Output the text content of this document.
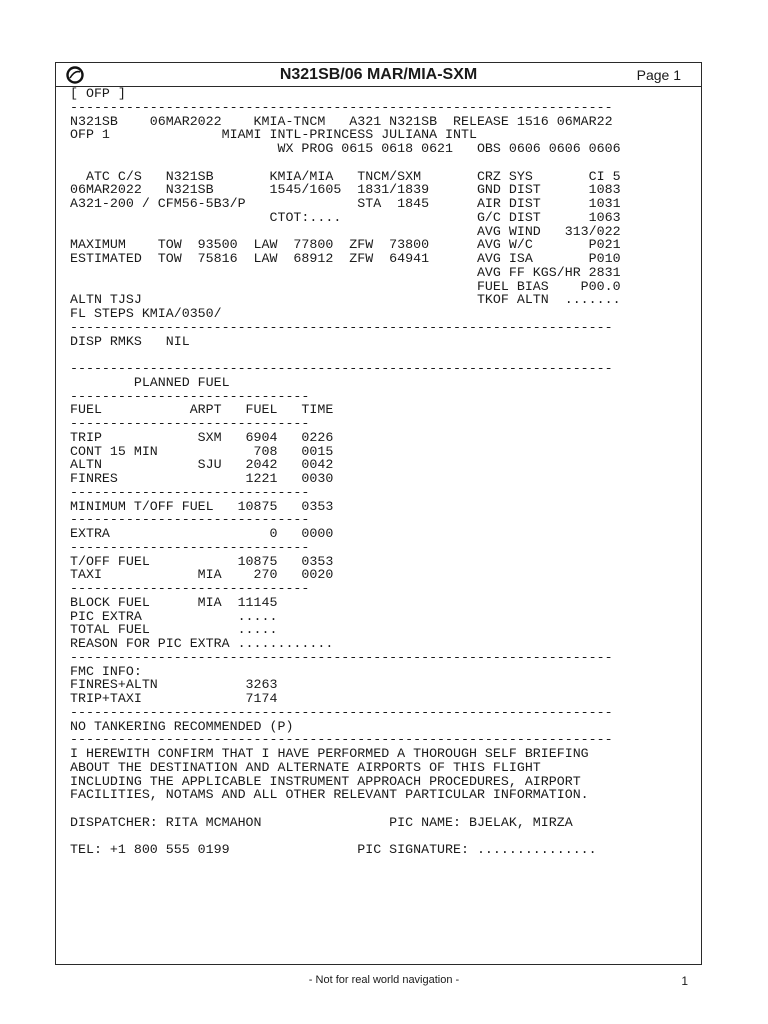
N321SB/06 MAR/MIA-SXM	Page 1
[ OFP ]
--------------------------------------------------------------------
N321SB    06MAR2022    KMIA-TNCM   A321 N321SB  RELEASE 1516 06MAR22
OFP 1              MIAMI INTL-PRINCESS JULIANA INTL
WX PROG 0615 0618 0621   OBS 0606 0606 0606

ATC C/S   N321SB       KMIA/MIA   TNCM/SXM       CRZ SYS       CI 5
06MAR2022   N321SB       1545/1605  1831/1839      GND DIST      1083
A321-200 / CFM56-5B3/P              STA  1845      AIR DIST      1031
CTOT:....                 G/C DIST      1063
AVG WIND   313/022
MAXIMUM    TOW  93500  LAW  77800  ZFW  73800      AVG W/C       P021
ESTIMATED  TOW  75816  LAW  68912  ZFW  64941      AVG ISA       P010
AVG FF KGS/HR 2831
FUEL BIAS    P00.0
ALTN TJSJ                                          TKOF ALTN  .......
FL STEPS KMIA/0350/
--------------------------------------------------------------------
DISP RMKS   NIL

--------------------------------------------------------------------
PLANNED FUEL
------------------------------
FUEL           ARPT   FUEL   TIME
------------------------------
TRIP            SXM   6904   0226
CONT 15 MIN            708   0015
ALTN            SJU   2042   0042
FINRES                1221   0030
------------------------------
MINIMUM T/OFF FUEL   10875   0353
------------------------------
EXTRA                    0   0000
------------------------------
T/OFF FUEL           10875   0353
TAXI            MIA    270   0020
------------------------------
BLOCK FUEL      MIA  11145
PIC EXTRA            .....
TOTAL FUEL           .....
REASON FOR PIC EXTRA ............
--------------------------------------------------------------------
FMC INFO:
FINRES+ALTN           3263
TRIP+TAXI             7174
--------------------------------------------------------------------
NO TANKERING RECOMMENDED (P)
--------------------------------------------------------------------
I HEREWITH CONFIRM THAT I HAVE PERFORMED A THOROUGH SELF BRIEFING
ABOUT THE DESTINATION AND ALTERNATE AIRPORTS OF THIS FLIGHT
INCLUDING THE APPLICABLE INSTRUMENT APPROACH PROCEDURES, AIRPORT
FACILITIES, NOTAMS AND ALL OTHER RELEVANT PARTICULAR INFORMATION.

DISPATCHER: RITA MCMAHON                PIC NAME: BJELAK, MIRZA

TEL: +1 800 555 0199                PIC SIGNATURE: ...............
- Not for real world navigation -	1
